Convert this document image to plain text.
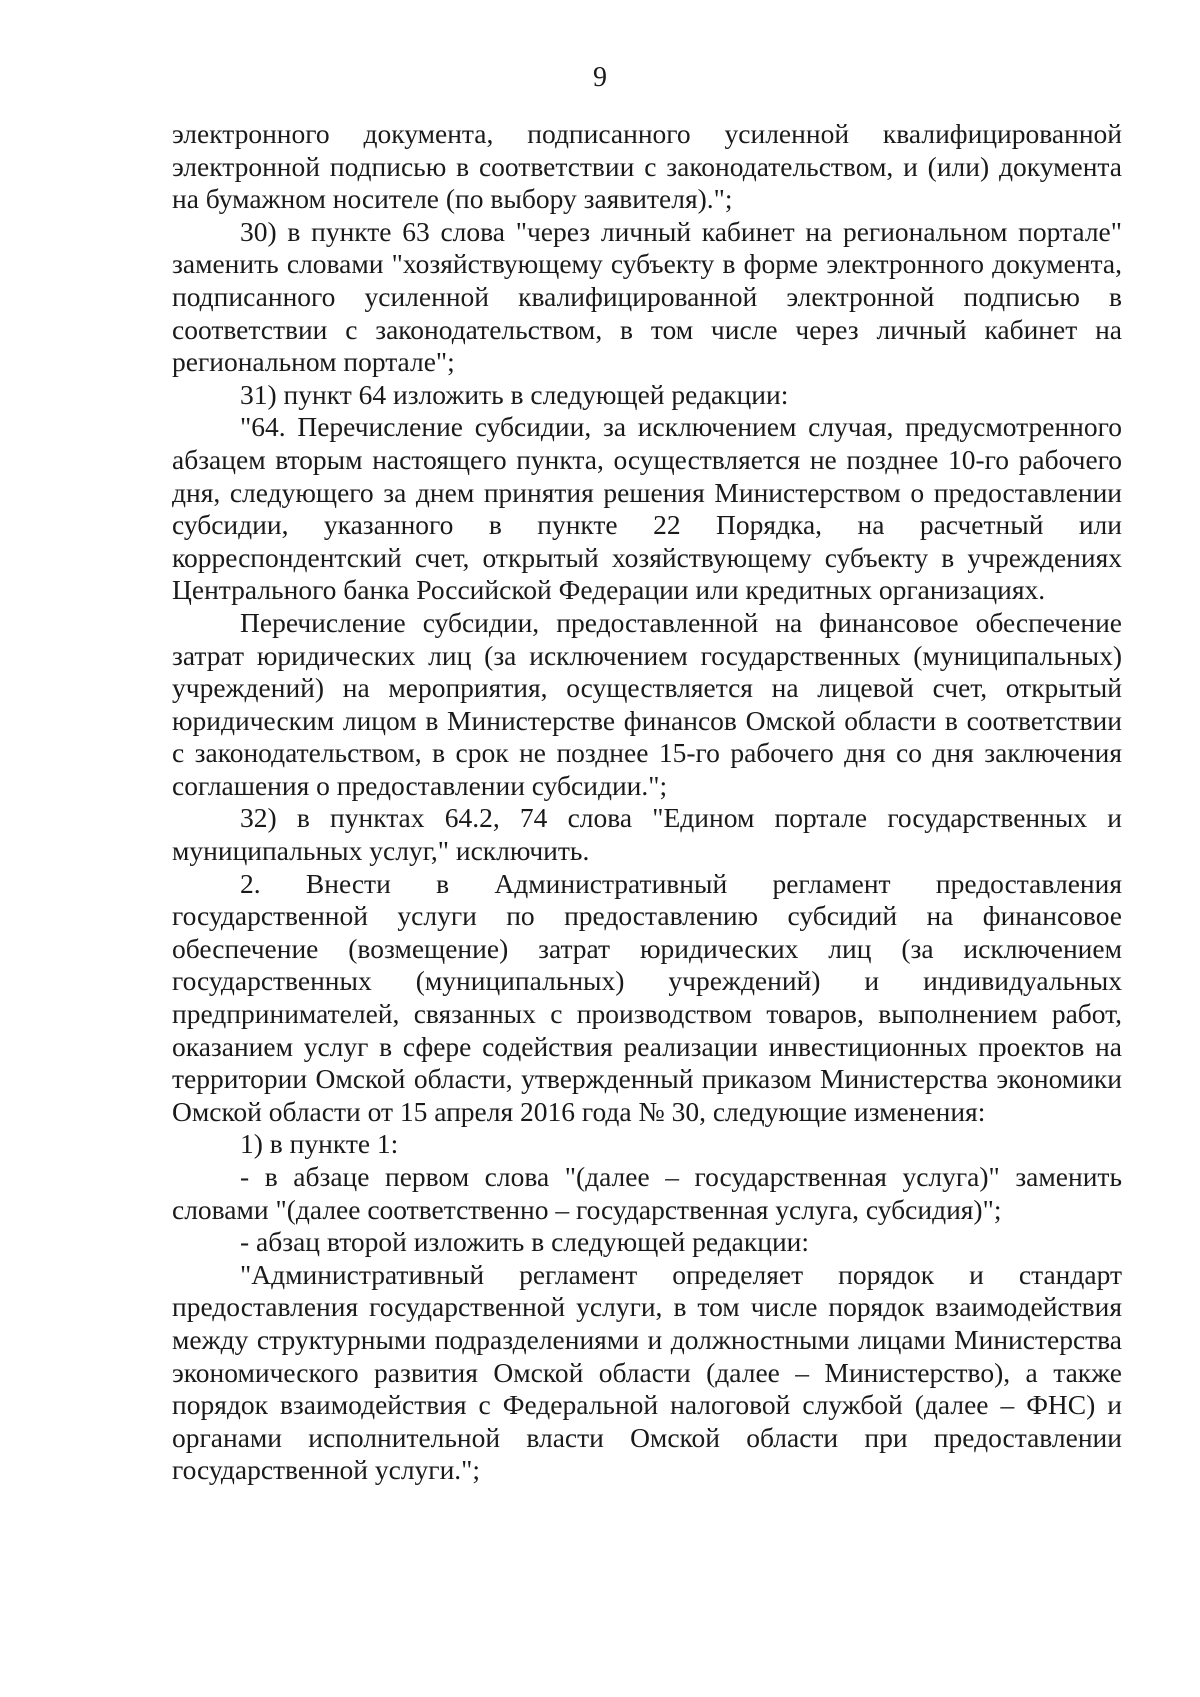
9

электронного документа, подписанного усиленной квалифицированной электронной подписью в соответствии с законодательством, и (или) документа на бумажном носителе (по выбору заявителя).";

30) в пункте 63 слова "через личный кабинет на региональном портале" заменить словами "хозяйствующему субъекту в форме электронного документа, подписанного усиленной квалифицированной электронной подписью в соответствии с законодательством, в том числе через личный кабинет на региональном портале";

31) пункт 64 изложить в следующей редакции:

"64. Перечисление субсидии, за исключением случая, предусмотренного абзацем вторым настоящего пункта, осуществляется не позднее 10-го рабочего дня, следующего за днем принятия решения Министерством о предоставлении субсидии, указанного в пункте 22 Порядка, на расчетный или корреспондентский счет, открытый хозяйствующему субъекту в учреждениях Центрального банка Российской Федерации или кредитных организациях.

Перечисление субсидии, предоставленной на финансовое обеспечение затрат юридических лиц (за исключением государственных (муниципальных) учреждений) на мероприятия, осуществляется на лицевой счет, открытый юридическим лицом в Министерстве финансов Омской области в соответствии с законодательством, в срок не позднее 15-го рабочего дня со дня заключения соглашения о предоставлении субсидии.";

32) в пунктах 64.2, 74 слова "Едином портале государственных и муниципальных услуг," исключить.

2. Внести в Административный регламент предоставления государственной услуги по предоставлению субсидий на финансовое обеспечение (возмещение) затрат юридических лиц (за исключением государственных (муниципальных) учреждений) и индивидуальных предпринимателей, связанных с производством товаров, выполнением работ, оказанием услуг в сфере содействия реализации инвестиционных проектов на территории Омской области, утвержденный приказом Министерства экономики Омской области от 15 апреля 2016 года № 30, следующие изменения:

1) в пункте 1:

- в абзаце первом слова "(далее – государственная услуга)" заменить словами "(далее соответственно – государственная услуга, субсидия)";

- абзац второй изложить в следующей редакции:

"Административный регламент определяет порядок и стандарт предоставления государственной услуги, в том числе порядок взаимодействия между структурными подразделениями и должностными лицами Министерства экономического развития Омской области (далее – Министерство), а также порядок взаимодействия с Федеральной налоговой службой (далее – ФНС) и органами исполнительной власти Омской области при предоставлении государственной услуги.";
